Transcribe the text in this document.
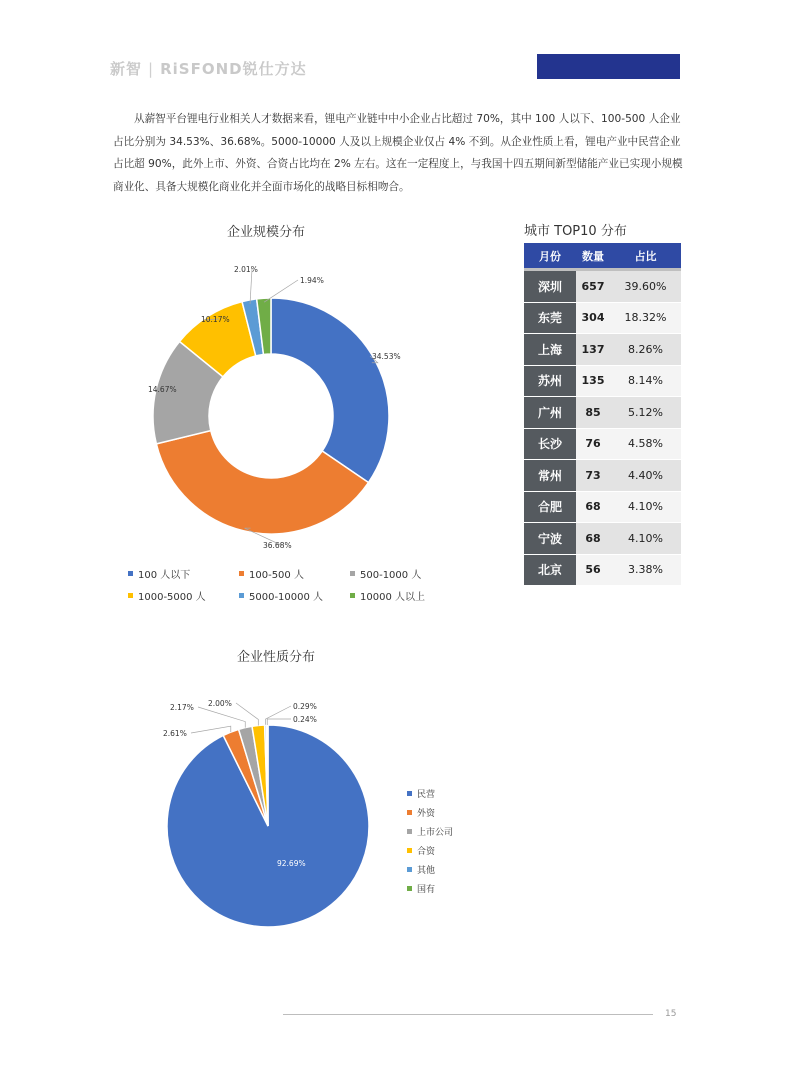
新智 | RiSFOND锐仕方达
从薪智平台锂电行业相关人才数据来看，锂电产业链中中小企业占比超过 70%，其中 100 人以下、100-500 人企业占比分别为 34.53%、36.68%。5000-10000 人及以上规模企业仅占 4% 不到。从企业性质上看，锂电产业中民营企业占比超 90%，此外上市、外资、合资占比均在 2% 左右。这在一定程度上，与我国十四五期间新型储能产业已实现小规模商业化、具备大规模化商业化并全面市场化的战略目标相吻合。
企业规模分布
34.53%
36.68%
14.67%
10.17%
2.01%
1.94%
100 人以下	100-500 人	500-1000 人
1000-5000 人	5000-10000 人	10000 人以上
城市 TOP10 分布
月份	数量	占比
深圳	657	39.60%
东莞	304	18.32%
上海	137	8.26%
苏州	135	8.14%
广州	85	5.12%
长沙	76	4.58%
常州	73	4.40%
合肥	68	4.10%
宁波	68	4.10%
北京	56	3.38%
企业性质分布
92.69%
2.61%
2.17% 2.00%	0.29%
0.24%
民营
外资
上市公司
合资
其他
国有
15
